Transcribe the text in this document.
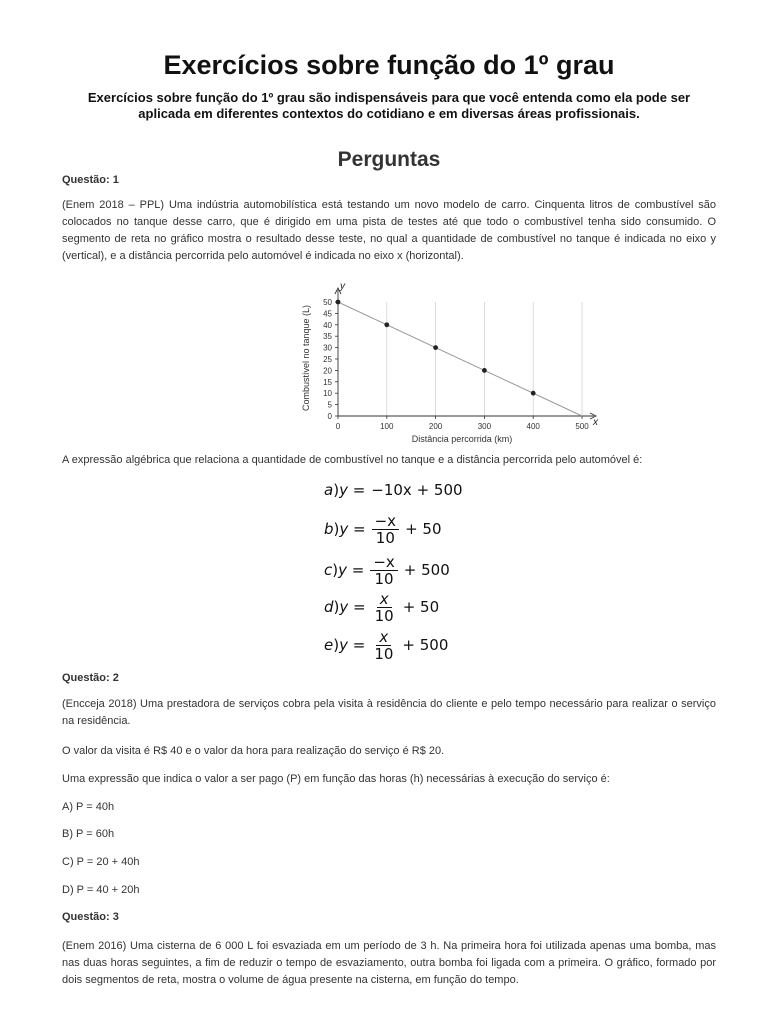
Exercícios sobre função do 1º grau
Exercícios sobre função do 1º grau são indispensáveis para que você entenda como ela pode ser
aplicada em diferentes contextos do cotidiano e em diversas áreas profissionais.
Perguntas
Questão: 1
(Enem 2018 – PPL) Uma indústria automobilística está testando um novo modelo de carro. Cinquenta litros de combustível são colocados no tanque desse carro, que é dirigido em uma pista de testes até que todo o combustível tenha sido consumido. O segmento de reta no gráfico mostra o resultado desse teste, no qual a quantidade de combustível no tanque é indicada no eixo y (vertical), e a distância percorrida pelo automóvel é indicada no eixo x (horizontal).
0
5
10
15
20
25
30
35
40
45
50
0	100	200	300	400	500 x
y
Distância percorrida (km)
Combustível no tanque (L)
A expressão algébrica que relaciona a quantidade de combustível no tanque e a distância percorrida pelo automóvel é:
a ) y = −10x + 500
b ) $y = \frac{-x}{10} + 50$
c ) $y = \frac{-x}{10} + 500$
d ) $y = \frac{x}{10} + 50$
e ) $y = \frac{x}{10} + 500$
Questão: 2
(Encceja 2018) Uma prestadora de serviços cobra pela visita à residência do cliente e pelo tempo necessário para realizar o serviço na residência.
O valor da visita é R$ 40 e o valor da hora para realização do serviço é R$ 20.
Uma expressão que indica o valor a ser pago (P) em função das horas (h) necessárias à execução do serviço é:
A) P = 40h
B) P = 60h
C) P = 20 + 40h
D) P = 40 + 20h
Questão: 3
(Enem 2016) Uma cisterna de 6 000 L foi esvaziada em um período de 3 h. Na primeira hora foi utilizada apenas uma bomba, mas nas duas horas seguintes, a fim de reduzir o tempo de esvaziamento, outra bomba foi ligada com a primeira. O gráfico, formado por dois segmentos de reta, mostra o volume de água presente na cisterna, em função do tempo.
